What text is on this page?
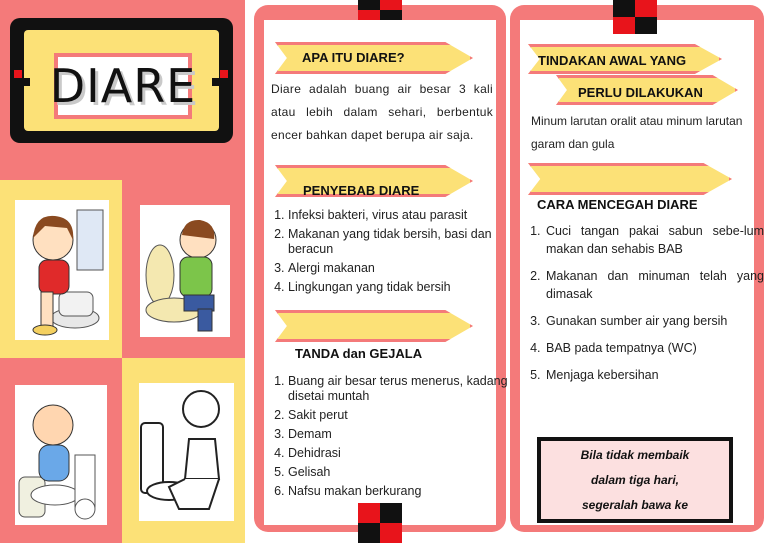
DIARE
APA ITU DIARE?
Diare adalah buang air besar 3 kali atau lebih dalam sehari, berbentuk encer bahkan dapet berupa air saja.
PENYEBAB DIARE
1. Infeksi bakteri, virus atau parasit
2. Makanan yang tidak bersih, basi dan beracun
3. Alergi makanan
4. Lingkungan yang tidak bersih
TANDA dan GEJALA
1. Buang air besar terus menerus, kadang disetai muntah
2. Sakit perut
3. Demam
4. Dehidrasi
5. Gelisah
6. Nafsu makan berkurang
TINDAKAN AWAL YANG
PERLU DILAKUKAN
Minum larutan oralit atau minum larutan garam dan gula
CARA MENCEGAH DIARE
1. Cuci tangan pakai sabun sebe-lum makan dan sehabis BAB
2. Makanan dan minuman telah yang dimasak
3. Gunakan sumber air yang bersih
4. BAB pada tempatnya (WC)
5. Menjaga kebersihan
Bila tidak membaik
dalam tiga hari,
segeralah bawa ke
